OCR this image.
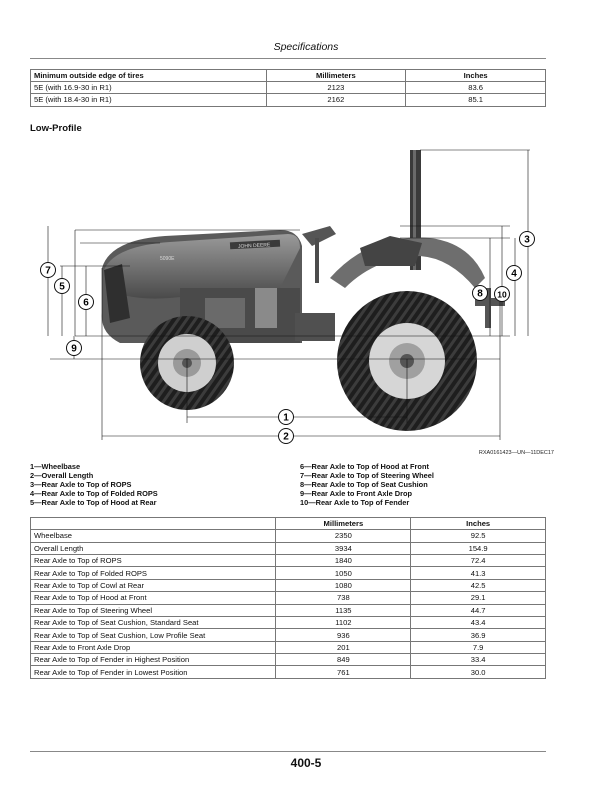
Specifications
Minimum outside edge of tires	Millimeters	Inches
5E (with 16.9-30 in R1)	2123	83.6
5E (with 18.4-30 in R1)	2162	85.1
Low-Profile
JOHN DEERE
5090E
1
2
3
4
5
6
7
8
9
10
RXA0161423—UN—11DEC17
1—Wheelbase
2—Overall Length
3—Rear Axle to Top of ROPS
4—Rear Axle to Top of Folded ROPS
5—Rear Axle to Top of Hood at Rear
6—Rear Axle to Top of Hood at Front
7—Rear Axle to Top of Steering Wheel
8—Rear Axle to Top of Seat Cushion
9—Rear Axle to Front Axle Drop
10—Rear Axle to Top of Fender
	Millimeters	Inches
Wheelbase	2350	92.5
Overall Length	3934	154.9
Rear Axle to Top of ROPS	1840	72.4
Rear Axle to Top of Folded ROPS	1050	41.3
Rear Axle to Top of Cowl at Rear	1080	42.5
Rear Axle to Top of Hood at Front	738	29.1
Rear Axle to Top of Steering Wheel	1135	44.7
Rear Axle to Top of Seat Cushion, Standard Seat	1102	43.4
Rear Axle to Top of Seat Cushion, Low Profile Seat	936	36.9
Rear Axle to Front Axle Drop	201	7.9
Rear Axle to Top of Fender in Highest Position	849	33.4
Rear Axle to Top of Fender in Lowest Position	761	30.0
400-5
